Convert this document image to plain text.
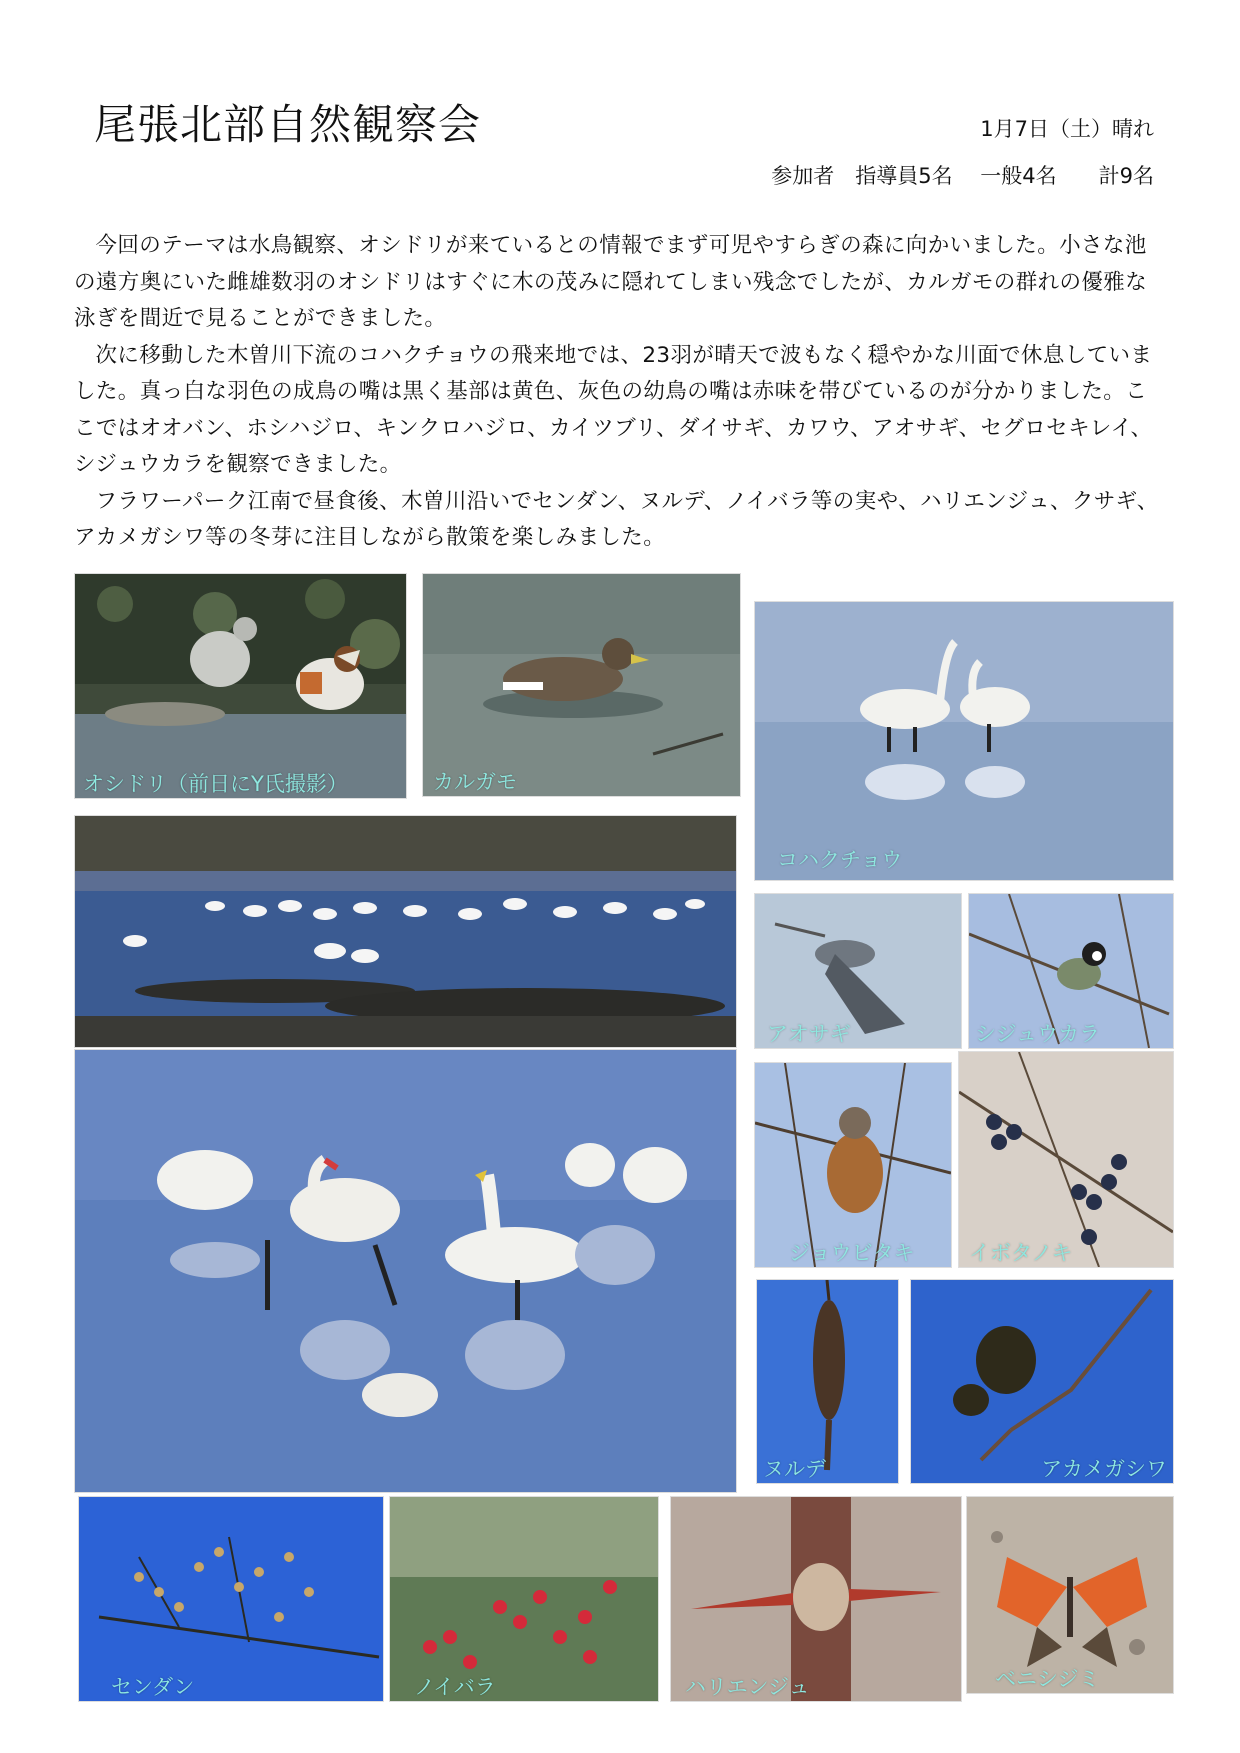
尾張北部自然観察会	1月7日（土）晴れ
参加者　指導員5名　 一般4名　　計9名

今回のテーマは水鳥観察、オシドリが来ているとの情報でまず可児やすらぎの森に向かいました。小さな池の遠方奥にいた雌雄数羽のオシドリはすぐに木の茂みに隠れてしまい残念でしたが、カルガモの群れの優雅な泳ぎを間近で見ることができました。

次に移動した木曽川下流のコハクチョウの飛来地では、23羽が晴天で波もなく穏やかな川面で休息していました。真っ白な羽色の成鳥の嘴は黒く基部は黄色、灰色の幼鳥の嘴は赤味を帯びているのが分かりました。ここではオオバン、ホシハジロ、キンクロハジロ、カイツブリ、ダイサギ、カワウ、アオサギ、セグロセキレイ、シジュウカラを観察できました。

フラワーパーク江南で昼食後、木曽川沿いでセンダン、ヌルデ、ノイバラ等の実や、ハリエンジュ、クサギ、アカメガシワ等の冬芽に注目しながら散策を楽しみました。

オシドリ（前日にY氏撮影）	カルガモ
コハクチョウ
アオサギ	シジュウカラ
ジョウビタキ	イボタノキ
ヌルデ	アカメガシワ
センダン	ノイバラ	ハリエンジュ	ベニシジミ
